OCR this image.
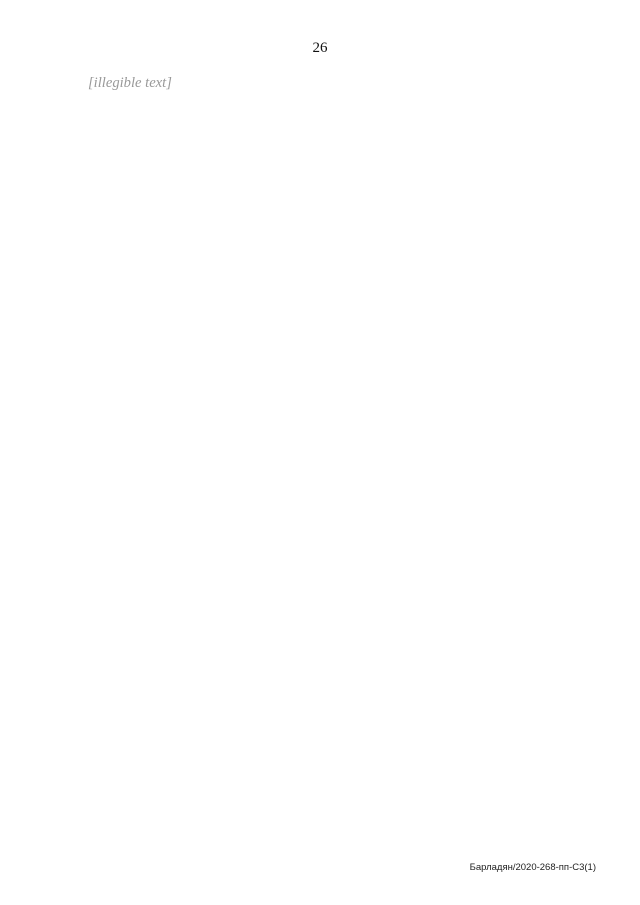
26

[illegible text]

Барладян/2020-268-пп-С3(1)
